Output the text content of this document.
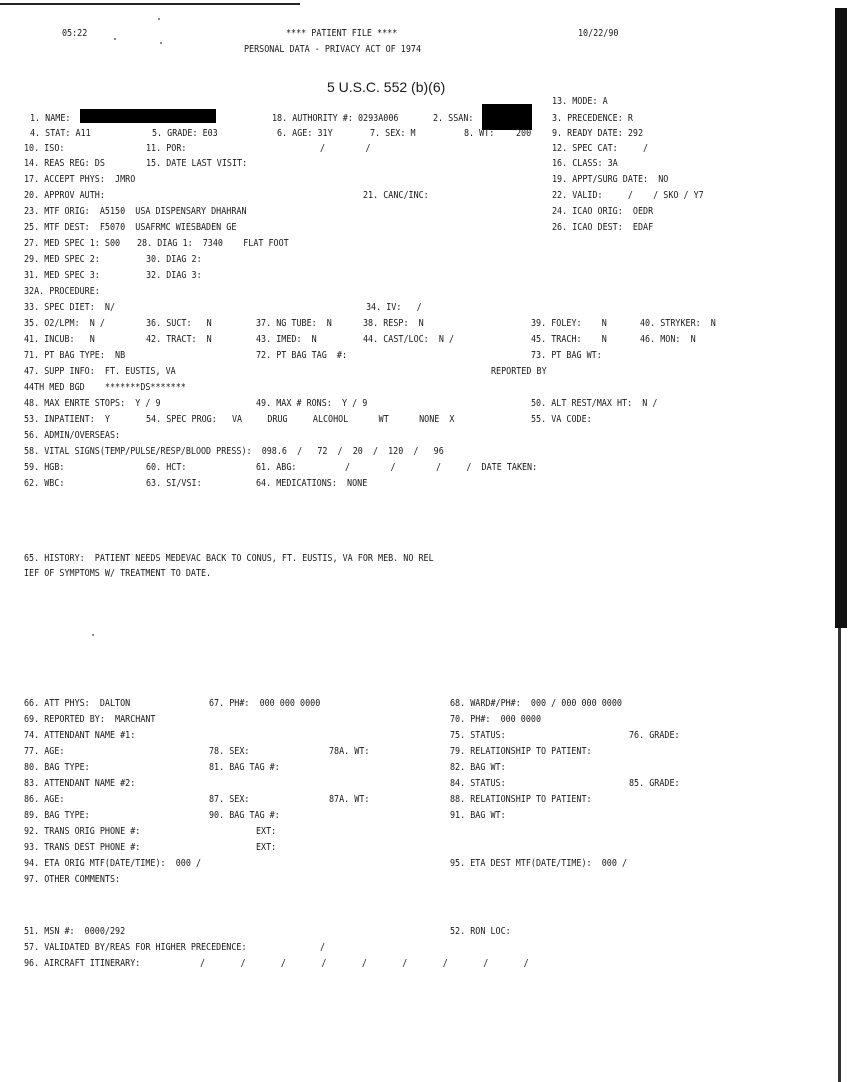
05:22	**** PATIENT FILE ****	10/22/90
PERSONAL DATA - PRIVACY ACT OF 1974
5 U.S.C. 552 (b)(6)
13. MODE: A
1. NAME:	18. AUTHORITY #: 0293A006	2. SSAN:	3. PRECEDENCE: R
4. STAT: A11	5. GRADE: E03	6. AGE: 31Y	7. SEX: M	8. WT: 200 9. READY DATE: 292
10. ISO:	11. POR:	/        /	12. SPEC CAT:     /
14. REAS REG: DS	15. DATE LAST VISIT:	16. CLASS: 3A
17. ACCEPT PHYS:  JMRO	19. APPT/SURG DATE:  NO
20. APPROV AUTH:	21. CANC/INC:	22. VALID:     /    / SKO / Y7
23. MTF ORIG:  A5150  USA DISPENSARY DHAHRAN	24. ICAO ORIG:  OEDR
25. MTF DEST:  F5070  USAFRMC WIESBADEN GE	26. ICAO DEST:  EDAF
27. MED SPEC 1: S00 28. DIAG 1:  7340    FLAT FOOT
29. MED SPEC 2:	30. DIAG 2:
31. MED SPEC 3:	32. DIAG 3:
32A. PROCEDURE:
33. SPEC DIET:  N/	34. IV:   /
35. O2/LPM:  N /	36. SUCT:   N	37. NG TUBE:  N	38. RESP:  N	39. FOLEY:    N	40. STRYKER:  N
41. INCUB:   N	42. TRACT:  N	43. IMED:  N	44. CAST/LOC:  N /	45. TRACH:    N	46. MON:  N
71. PT BAG TYPE:  NB	72. PT BAG TAG  #:	73. PT BAG WT:
47. SUPP INFO:  FT. EUSTIS, VA	REPORTED BY
44TH MED BGD    *******DS*******
48. MAX ENRTE STOPS:  Y / 9	49. MAX # RONS:  Y / 9	50. ALT REST/MAX HT:  N /
53. INPATIENT:  Y	54. SPEC PROG:   VA     DRUG     ALCOHOL      WT      NONE  X	55. VA CODE:
56. ADMIN/OVERSEAS:
58. VITAL SIGNS(TEMP/PULSE/RESP/BLOOD PRESS):  098.6  /   72  /  20  /  120  /   96
59. HGB:	60. HCT:	61. ABG:	/        /        /     /  DATE TAKEN:
62. WBC:	63. SI/VSI:	64. MEDICATIONS:  NONE
65. HISTORY:  PATIENT NEEDS MEDEVAC BACK TO CONUS, FT. EUSTIS, VA FOR MEB. NO REL
IEF OF SYMPTOMS W/ TREATMENT TO DATE.
66. ATT PHYS:  DALTON	67. PH#:  000 000 0000	68. WARD#/PH#:  000 / 000 000 0000
69. REPORTED BY:  MARCHANT	70. PH#:  000 0000
74. ATTENDANT NAME #1:	75. STATUS:	76. GRADE:
77. AGE:	78. SEX:	78A. WT:	79. RELATIONSHIP TO PATIENT:
80. BAG TYPE:	81. BAG TAG #:	82. BAG WT:
83. ATTENDANT NAME #2:	84. STATUS:	85. GRADE:
86. AGE:	87. SEX:	87A. WT:	88. RELATIONSHIP TO PATIENT:
89. BAG TYPE:	90. BAG TAG #:	91. BAG WT:
92. TRANS ORIG PHONE #:	EXT:
93. TRANS DEST PHONE #:	EXT:
94. ETA ORIG MTF(DATE/TIME):  000 /	95. ETA DEST MTF(DATE/TIME):  000 /
97. OTHER COMMENTS:
51. MSN #:  0000/292	52. RON LOC:
57. VALIDATED BY/REAS FOR HIGHER PRECEDENCE:	/
96. AIRCRAFT ITINERARY:	/       /       /       /       /       /       /       /       /
